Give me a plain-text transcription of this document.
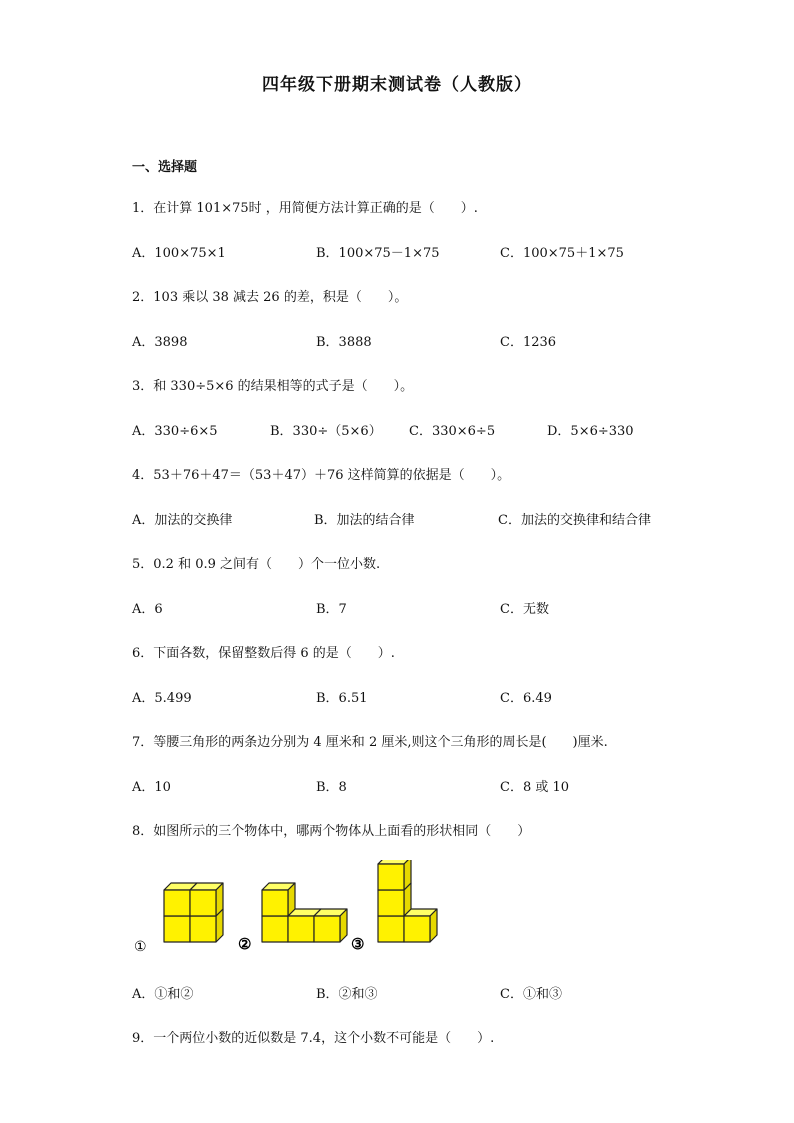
四年级下册期末测试卷（人教版）
一、选择题
1．在计算 101×75时 ，用简便方法计算正确的是（　　）.
A．100×75×1	B．100×75－1×75	C．100×75＋1×75
2．103 乘以 38 减去 26 的差，积是（　　）。
A．3898	B．3888	C．1236
3．和 330÷5×6 的结果相等的式子是（　　）。
A．330÷6×5	B．330÷（5×6） C．330×6÷5	D．5×6÷330
4．53＋76＋47＝（53＋47）＋76 这样简算的依据是（　　）。
A．加法的交换律	B．加法的结合律	C．加法的交换律和结合律
5．0.2 和 0.9 之间有（　　）个一位小数.
A．6	B．7	C．无数
6．下面各数，保留整数后得 6 的是（　　）.
A．5.499	B．6.51	C．6.49
7．等腰三角形的两条边分别为 4 厘米和 2 厘米,则这个三角形的周长是(　　)厘米.
A．10	B．8	C．8 或 10
8．如图所示的三个物体中，哪两个物体从上面看的形状相同（　　）
①	②	③
A．①和②	B．②和③	C．①和③
9．一个两位小数的近似数是 7.4，这个小数不可能是（　　）.
